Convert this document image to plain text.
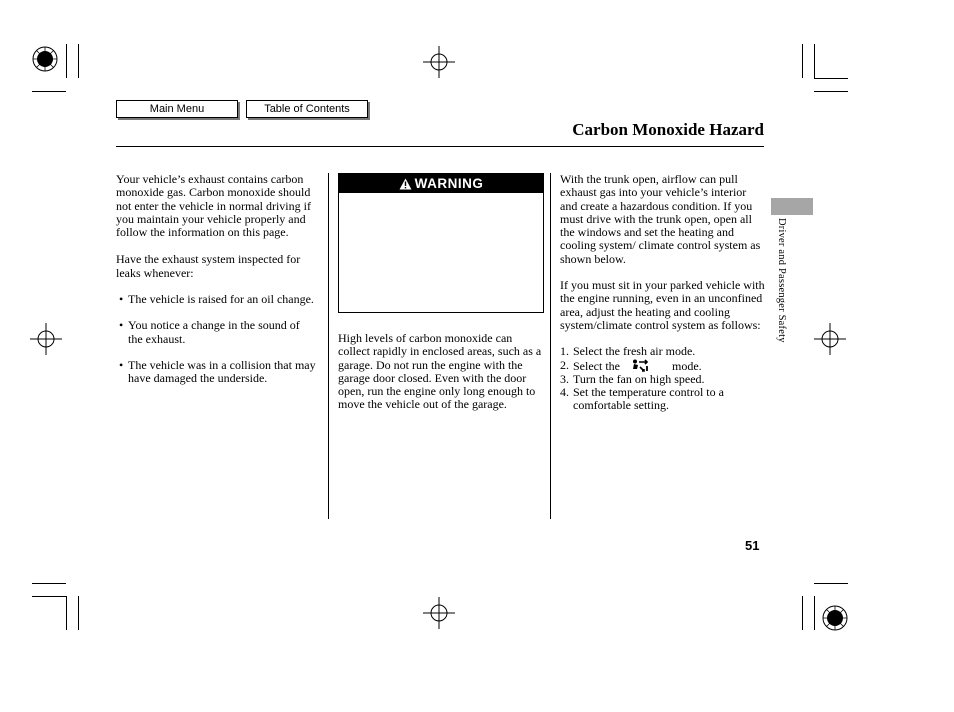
Main Menu	Table of Contents
Carbon Monoxide Hazard

Your vehicle’s exhaust contains carbon monoxide gas. Carbon monoxide should not enter the vehicle in normal driving if you maintain your vehicle properly and follow the information on this page.

Have the exhaust system inspected for leaks whenever:

• The vehicle is raised for an oil change.
• You notice a change in the sound of the exhaust.
• The vehicle was in a collision that may have damaged the underside.
WARNING

High levels of carbon monoxide can collect rapidly in enclosed areas, such as a garage. Do not run the engine with the garage door closed. Even with the door open, run the engine only long enough to move the vehicle out of the garage.

With the trunk open, airflow can pull exhaust gas into your vehicle’s interior and create a hazardous condition. If you must drive with the trunk open, open all the windows and set the heating and cooling system/ climate control system as shown below.

If you must sit in your parked vehicle with the engine running, even in an unconfined area, adjust the heating and cooling system/climate control system as follows:

1. Select the fresh air mode.
2. Select the	mode.
3. Turn the fan on high speed.
4. Set the temperature control to a comfortable setting.
Driver and Passenger Safety
51
